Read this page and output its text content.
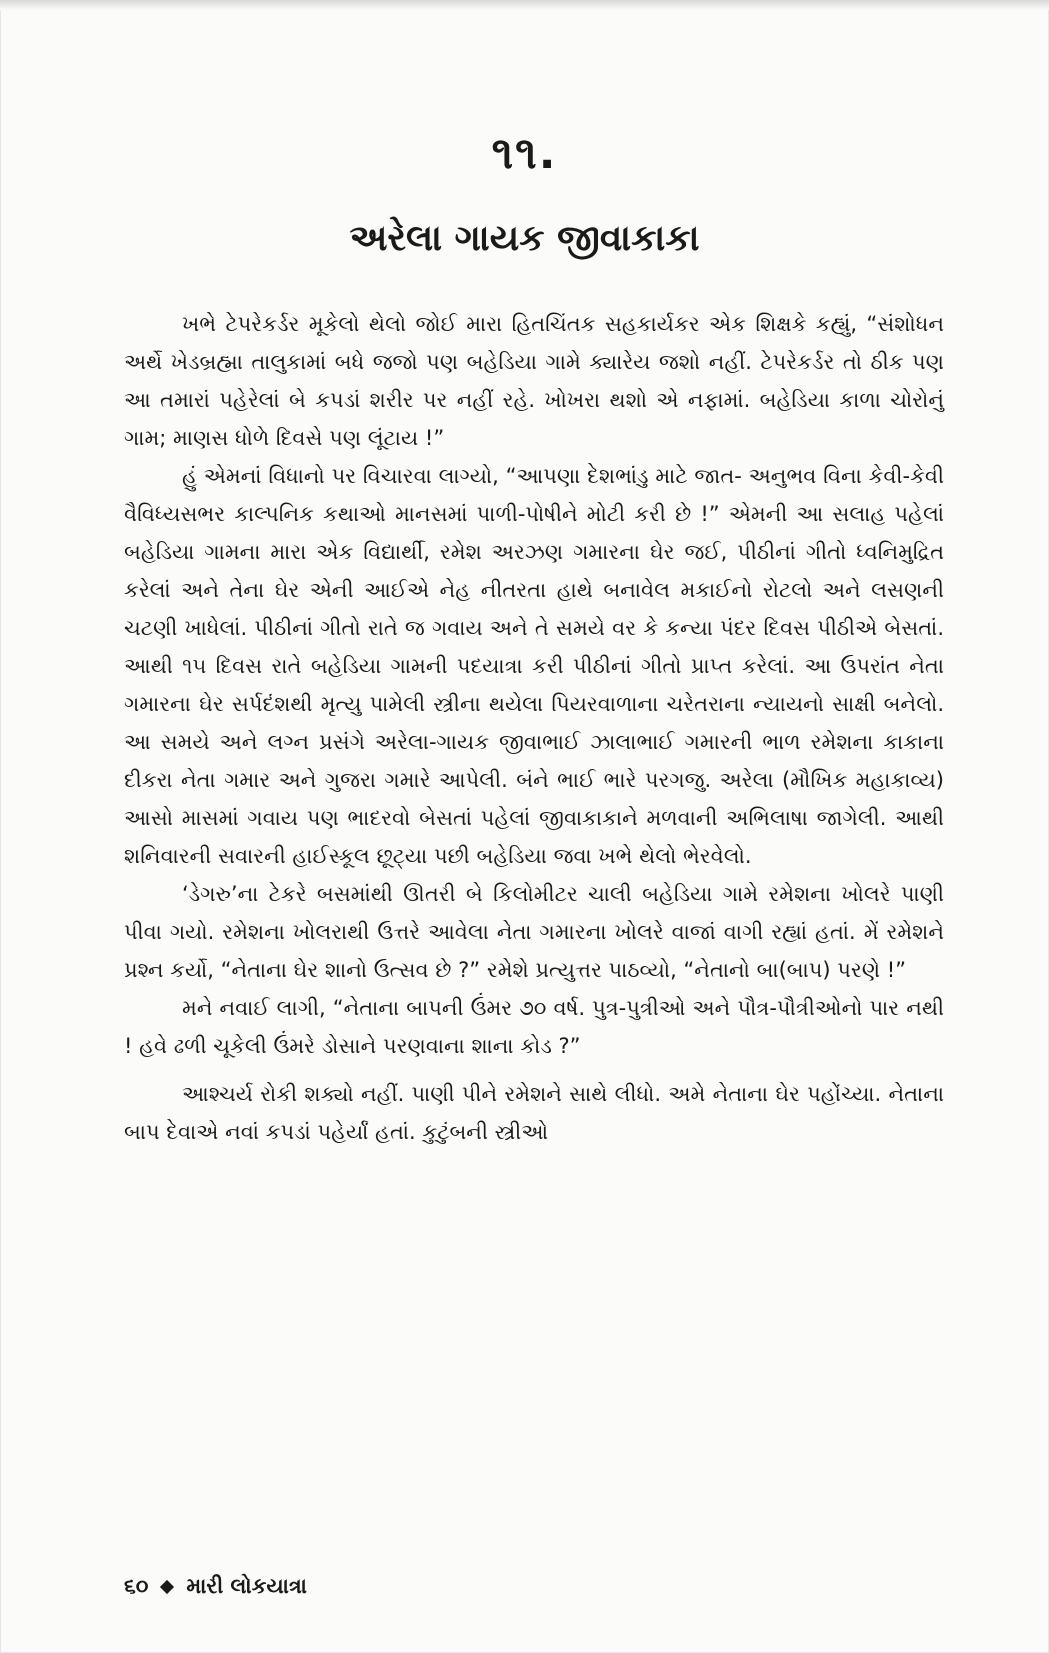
૧૧.
અરેલા ગાયક જીવાકાકા

ખભે ટેપરેકર્ડર મૂકેલો થેલો જોઈ મારા હિતચિંતક સહકાર્યકર એક શિક્ષકે કહ્યું, “સંશોધન અર્થે ખેડબ્રહ્મા તાલુકામાં બધે જજો પણ બહેડિયા ગામે ક્યારેય જશો નહીં. ટેપરેકર્ડર તો ઠીક પણ આ તમારાં પહેરેલાં બે કપડાં શરીર પર નહીં રહે. ખોખરા થશો એ નફામાં. બહેડિયા કાળા ચોરોનું ગામ; માણસ ધોળે દિવસે પણ લૂંટાય !”

હું એમનાં વિધાનો પર વિચારવા લાગ્યો, “આપણા દેશભાંડુ માટે જાત- અનુભવ વિના કેવી-કેવી વૈવિધ્યસભર કાલ્પનિક કથાઓ માનસમાં પાળી-પોષીને મોટી કરી છે !” એમની આ સલાહ પહેલાં બહેડિયા ગામના મારા એક વિદ્યાર્થી, રમેશ અરઝણ ગમારના ઘેર જઈ, પીઠીનાં ગીતો ધ્વનિમુદ્રિત કરેલાં અને તેના ઘેર એની આઈએ નેહ નીતરતા હાથે બનાવેલ મકાઈનો રોટલો અને લસણની ચટણી ખાધેલાં. પીઠીનાં ગીતો રાતે જ ગવાય અને તે સમયે વર કે કન્યા પંદર દિવસ પીઠીએ બેસતાં. આથી ૧૫ દિવસ રાતે બહેડિયા ગામની પદયાત્રા કરી પીઠીનાં ગીતો પ્રાપ્ત કરેલાં. આ ઉપરાંત નેતા ગમારના ઘેર સર્પદંશથી મૃત્યુ પામેલી સ્ત્રીના થયેલા પિયરવાળાના ચરેતરાના ન્યાયનો સાક્ષી બનેલો. આ સમયે અને લગ્ન પ્રસંગે અરેલા-ગાયક જીવાભાઈ ઝાલાભાઈ ગમારની ભાળ રમેશના કાકાના દીકરા નેતા ગમાર અને ગુજરા ગમારે આપેલી. બંને ભાઈ ભારે પરગજુ. અરેલા (મૌખિક મહાકાવ્ય) આસો માસમાં ગવાય પણ ભાદરવો બેસતાં પહેલાં જીવાકાકાને મળવાની અભિલાષા જાગેલી. આથી શનિવારની સવારની હાઈસ્કૂલ છૂટ્યા પછી બહેડિયા જવા ખભે થેલો ભેરવેલો.

‘ડેગરુ’ના ટેકરે બસમાંથી ઊતરી બે કિલોમીટર ચાલી બહેડિયા ગામે રમેશના ખોલરે પાણી પીવા ગયો. રમેશના ખોલરાથી ઉત્તરે આવેલા નેતા ગમારના ખોલરે વાજાં વાગી રહ્યાં હતાં. મેં રમેશને પ્રશ્ન કર્યો, “નેતાના ઘેર શાનો ઉત્સવ છે ?” રમેશે પ્રત્યુત્તર પાઠવ્યો, “નેતાનો બા(બાપ) પરણે !”

મને નવાઈ લાગી, “નેતાના બાપની ઉંમર ૭૦ વર્ષ. પુત્ર-પુત્રીઓ અને પૌત્ર-પૌત્રીઓનો પાર નથી ! હવે ઢળી ચૂકેલી ઉંમરે ડોસાને પરણવાના શાના કોડ ?”

આશ્ચર્ય રોકી શક્યો નહીં. પાણી પીને રમેશને સાથે લીધો. અમે નેતાના ઘેર પહોંચ્યા. નેતાના બાપ દેવાએ નવાં કપડાં પહેર્યાં હતાં. કુટુંબની સ્ત્રીઓ

૬૦ મારી લોકયાત્રા
